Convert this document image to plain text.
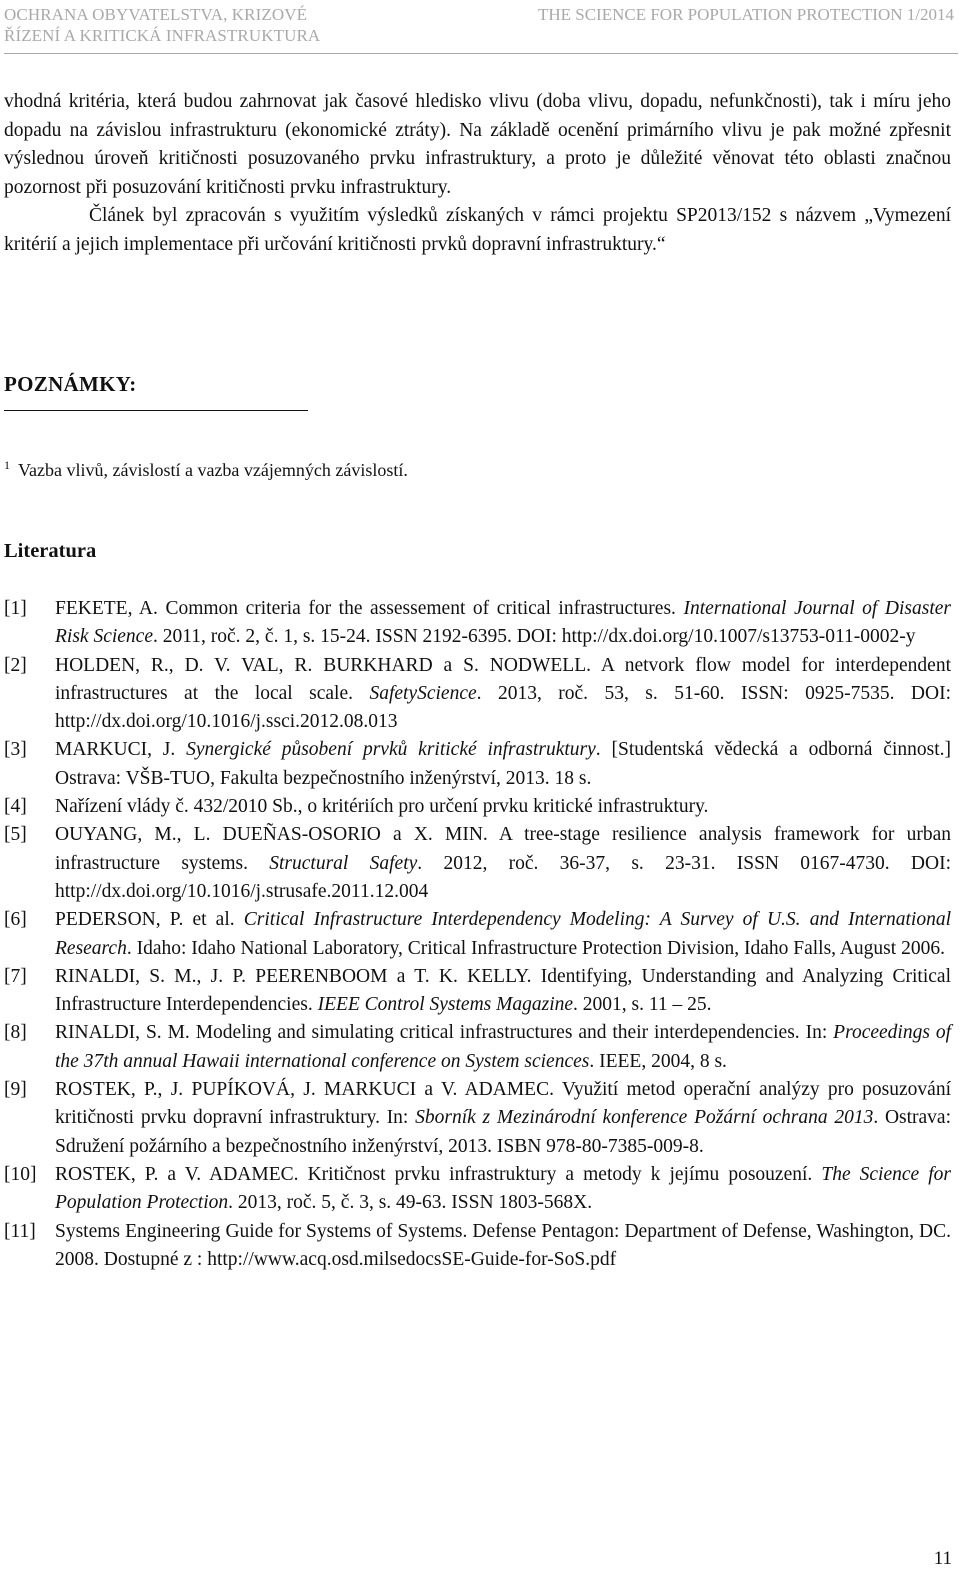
OCHRANA OBYVATELSTVA, KRIZOVÉ
ŘÍZENÍ A KRITICKÁ INFRASTRUKTURA
THE SCIENCE FOR POPULATION PROTECTION 1/2014

vhodná kritéria, která budou zahrnovat jak časové hledisko vlivu (doba vlivu, dopadu, nefunkčnosti), tak i míru jeho dopadu na závislou infrastrukturu (ekonomické ztráty). Na základě ocenění primárního vlivu je pak možné zpřesnit výslednou úroveň kritičnosti posuzovaného prvku infrastruktury, a proto je důležité věnovat této oblasti značnou pozornost při posuzování kritičnosti prvku infrastruktury.

Článek byl zpracován s využitím výsledků získaných v rámci projektu SP2013/152 s názvem „Vymezení kritérií a jejich implementace při určování kritičnosti prvků dopravní infrastruktury.“

POZNÁMKY:
$^1$ Vazba vlivů, závislostí a vazba vzájemných závislostí.
Literatura
[1]	FEKETE, A. Common criteria for the assessement of critical infrastructures. International Journal of Disaster Risk Science. 2011, roč. 2, č. 1, s. 15-24. ISSN 2192-6395. DOI: http://dx.doi.org/10.1007/s13753-011-0002-y
[2]	HOLDEN, R., D. V. VAL, R. BURKHARD a S. NODWELL. A netvork flow model for interdependent infrastructures at the local scale. SafetyScience. 2013, roč. 53, s. 51-60. ISSN: 0925-7535. DOI: http://dx.doi.org/10.1016/j.ssci.2012.08.013
[3]	MARKUCI, J. Synergické působení prvků kritické infrastruktury. [Studentská vědecká a odborná činnost.] Ostrava: VŠB-TUO, Fakulta bezpečnostního inženýrství, 2013. 18 s.
[4]	Nařízení vlády č. 432/2010 Sb., o kritériích pro určení prvku kritické infrastruktury.
[5]	OUYANG, M., L. DUEÑAS-OSORIO a X. MIN. A tree-stage resilience analysis framework for urban infrastructure systems. Structural Safety. 2012, roč. 36-37, s. 23-31. ISSN 0167-4730. DOI: http://dx.doi.org/10.1016/j.strusafe.2011.12.004
[6]	PEDERSON, P. et al. Critical Infrastructure Interdependency Modeling: A Survey of U.S. and International Research. Idaho: Idaho National Laboratory, Critical Infrastructure Protection Division, Idaho Falls, August 2006.
[7]	RINALDI, S. M., J. P. PEERENBOOM a T. K. KELLY. Identifying, Understanding and Analyzing Critical Infrastructure Interdependencies. IEEE Control Systems Magazine. 2001, s. 11 – 25.
[8]	RINALDI, S. M. Modeling and simulating critical infrastructures and their interdependencies. In: Proceedings of the 37th annual Hawaii international conference on System sciences. IEEE, 2004, 8 s.
[9]	ROSTEK, P., J. PUPÍKOVÁ, J. MARKUCI a V. ADAMEC. Využití metod operační analýzy pro posuzování kritičnosti prvku dopravní infrastruktury. In: Sborník z Mezinárodní konference Požární ochrana 2013. Ostrava: Sdružení požárního a bezpečnostního inženýrství, 2013. ISBN 978-80-7385-009-8.
[10] ROSTEK, P. a V. ADAMEC. Kritičnost prvku infrastruktury a metody k jejímu posouzení. The Science for Population Protection. 2013, roč. 5, č. 3, s. 49-63. ISSN 1803-568X.
[11] Systems Engineering Guide for Systems of Systems. Defense Pentagon: Department of Defense, Washington, DC. 2008. Dostupné z : http://www.acq.osd.milsedocsSE-Guide-for-SoS.pdf
11
